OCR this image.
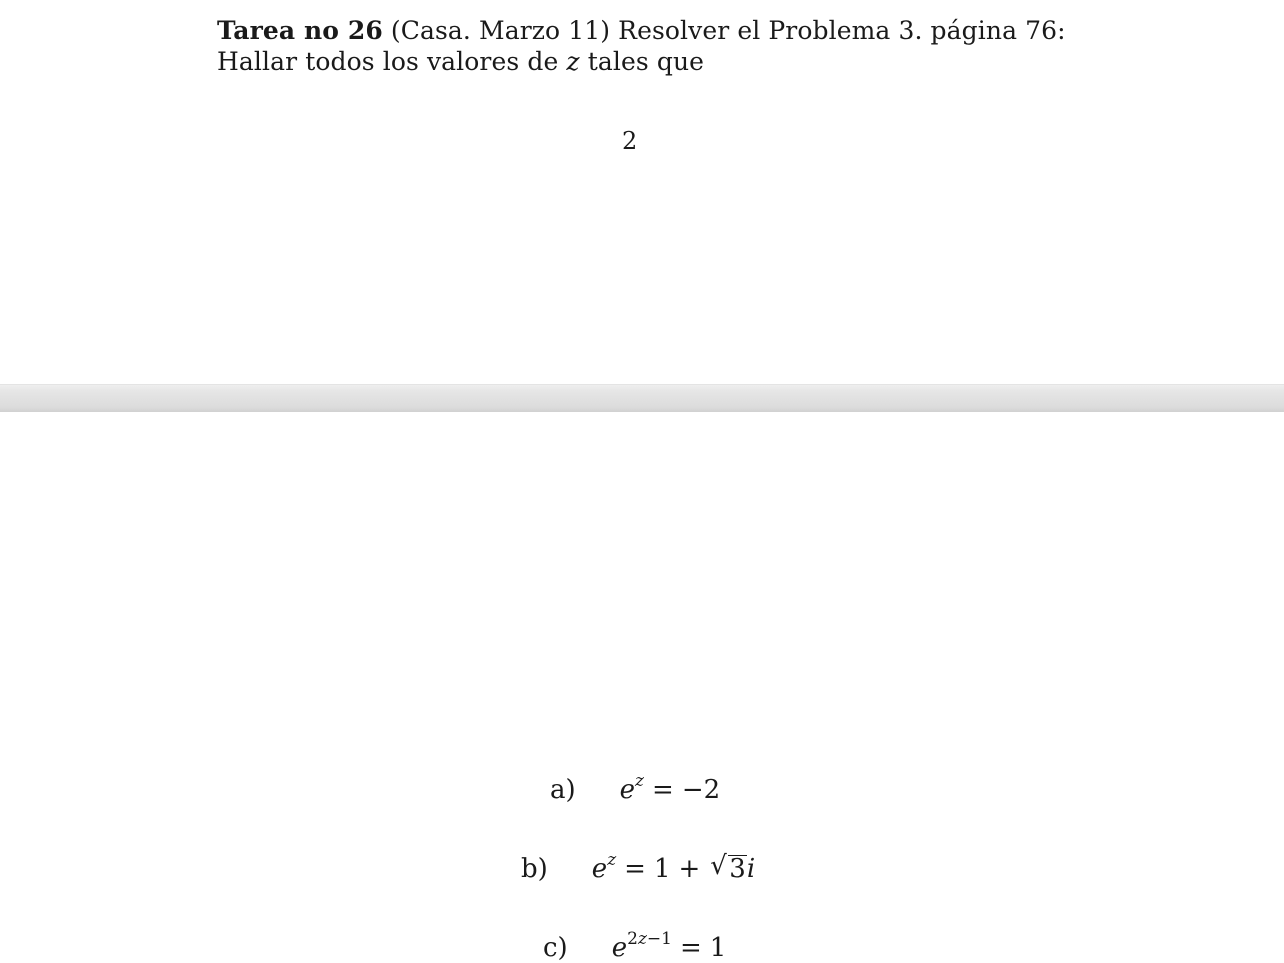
Tarea no 26 (Casa. Marzo 11) Resolver el Problema 3. página 76:
Hallar todos los valores de z tales que
2
a) $e^z = -2$
b) $e^z = 1$ + √ 3i
c) $e^{2z-1} = 1$
